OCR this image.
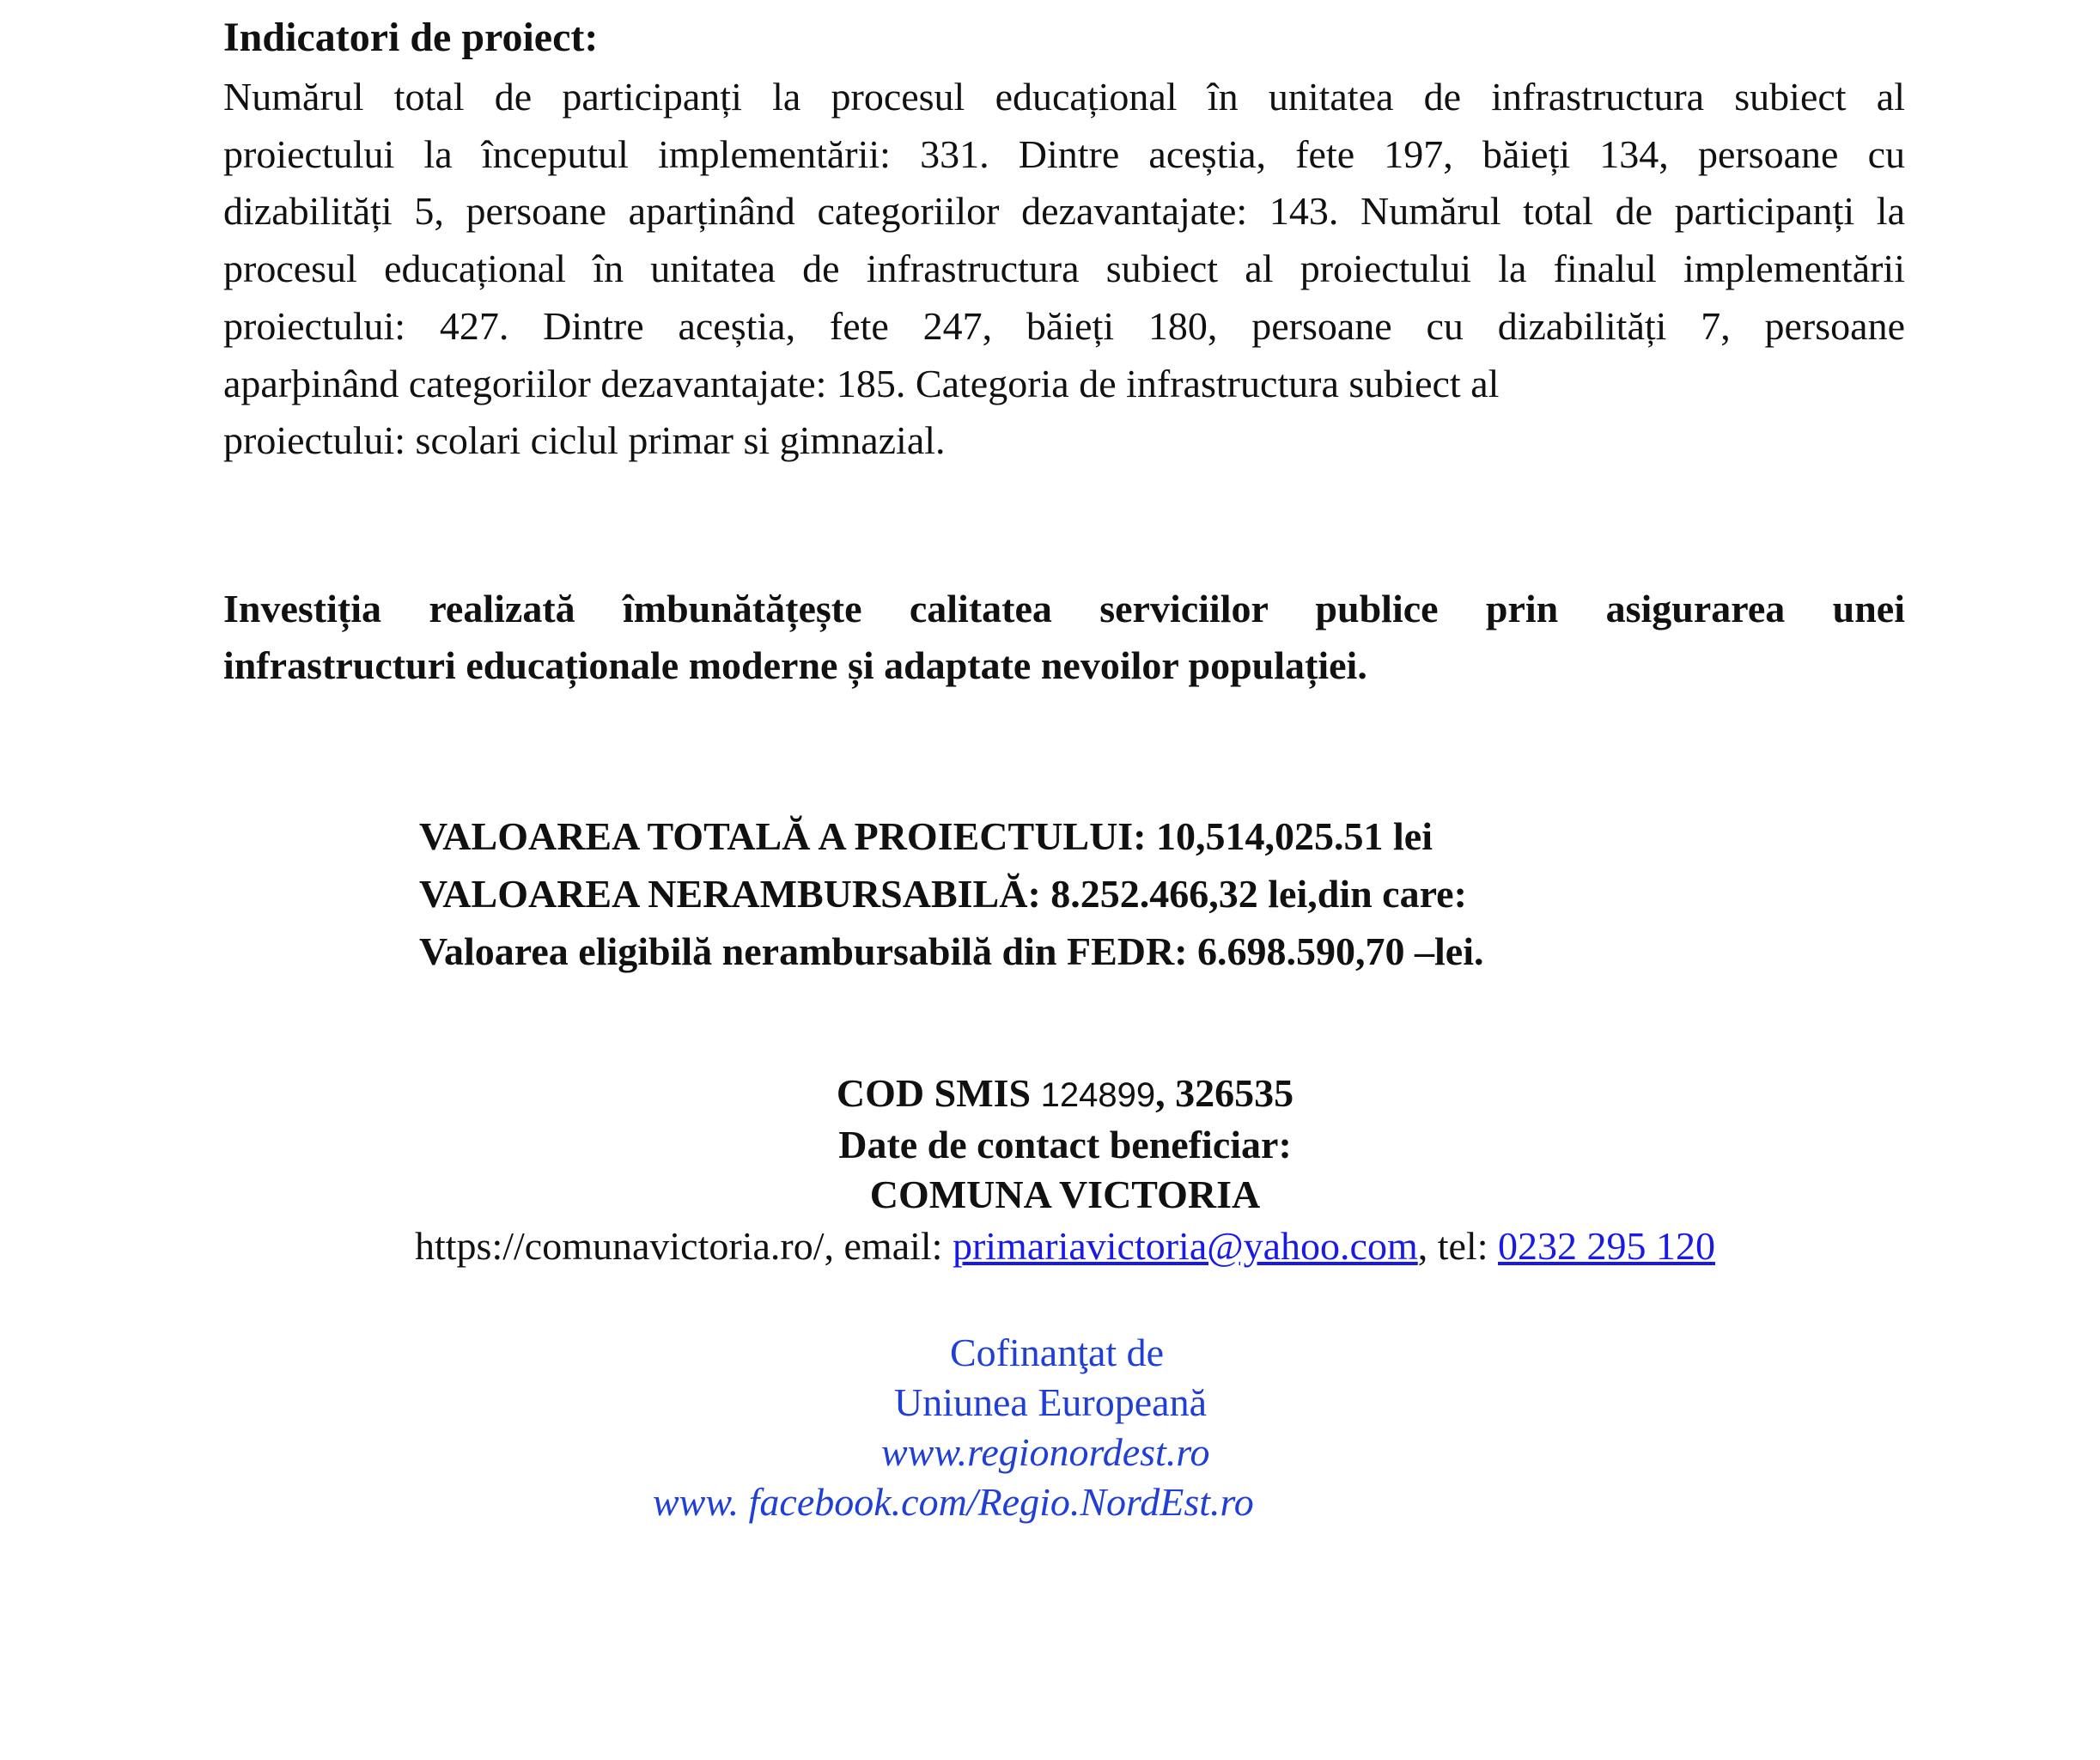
Indicatori de proiect:
Numărul total de participanți la procesul educațional în unitatea de infrastructura subiect al
proiectului la începutul implementării: 331. Dintre aceștia, fete 197, băieți 134, persoane cu
dizabilități 5, persoane aparținând categoriilor dezavantajate: 143. Numărul total de participanți la
procesul educațional în unitatea de infrastructura subiect al proiectului la finalul implementării
proiectului: 427. Dintre aceștia, fete 247, băieți 180, persoane cu dizabilități 7, persoane
aparþinând categoriilor dezavantajate: 185. Categoria de infrastructura subiect al
proiectului: scolari ciclul primar si gimnazial.
Investiția realizată îmbunătățește calitatea serviciilor publice prin asigurarea unei
infrastructuri educaționale moderne și adaptate nevoilor populației.
VALOAREA TOTALĂ A PROIECTULUI: 10,514,025.51 lei
VALOAREA NERAMBURSABILĂ: 8.252.466,32 lei,din care:
Valoarea eligibilă nerambursabilă din FEDR: 6.698.590,70 –lei.
COD SMIS 124899, 326535
Date de contact beneficiar:
COMUNA VICTORIA
https://comunavictoria.ro/, email: primariavictoria@yahoo.com, tel: 0232 295 120
Cofinanţat de
Uniunea Europeană
www.regionordest.ro
www. facebook.com/Regio.NordEst.ro
